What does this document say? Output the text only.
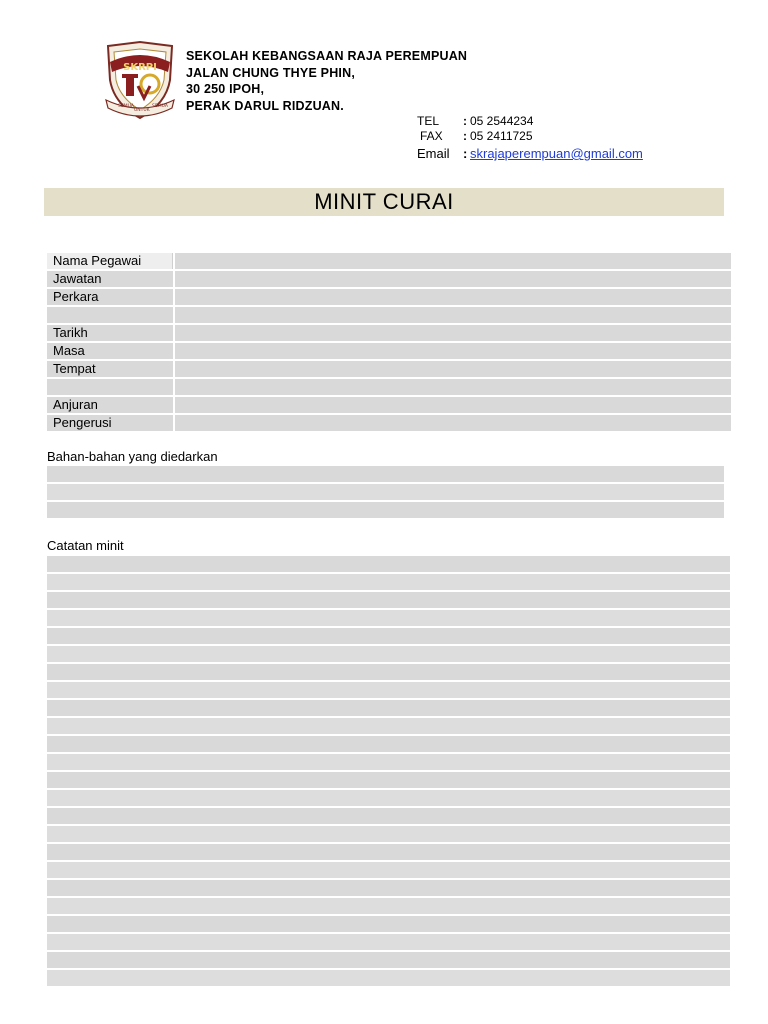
SKRPI
SEMUA
UNTUK
SEMUA
SEKOLAH KEBANGSAAN RAJA PEREMPUAN
JALAN CHUNG THYE PHIN,
30 250 IPOH,
PERAK DARUL RIDZUAN.
TEL	: 05 2544234
FAX	: 05 2411725
Email	: skrajaperempuan@gmail.com
MINIT CURAI
Nama Pegawai
Jawatan
Perkara
Tarikh
Masa
Tempat
Anjuran
Pengerusi
Bahan-bahan yang diedarkan
Catatan minit
